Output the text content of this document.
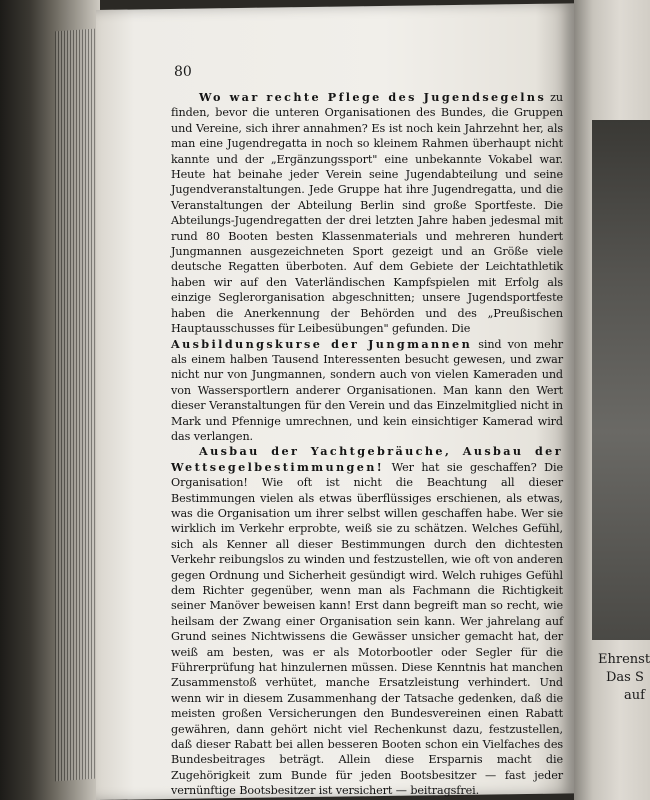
Ehrenst
Das S
auf
80

Wo war rechte Pflege des Jugendsegelns zu finden, bevor die unteren Organisationen des Bundes, die Gruppen und Vereine, sich ihrer annahmen? Es ist noch kein Jahrzehnt her, als man eine Jugendregatta in noch so kleinem Rahmen überhaupt nicht kannte und der „Ergänzungssport" eine unbekannte Vokabel war. Heute hat beinahe jeder Verein seine Jugendabteilung und seine Jugendveranstaltungen. Jede Gruppe hat ihre Jugendregatta, und die Veranstaltungen der Abteilung Berlin sind große Sportfeste. Die Abteilungs-Jugendregatten der drei letzten Jahre haben jedesmal mit rund 80 Booten besten Klassenmaterials und mehreren hundert Jungmannen ausgezeichneten Sport gezeigt und an Größe viele deutsche Regatten überboten. Auf dem Gebiete der Leichtathletik haben wir auf den Vaterländischen Kampfspielen mit Erfolg als einzige Seglerorganisation abgeschnitten; unsere Jugendsportfeste haben die Anerkennung der Behörden und des „Preußischen Hauptausschusses für Leibesübungen" gefunden. Die

Ausbildungskurse der Jungmannen sind von mehr als einem halben Tausend Interessenten besucht gewesen, und zwar nicht nur von Jungmannen, sondern auch von vielen Kameraden und von Wassersportlern anderer Organisationen. Man kann den Wert dieser Veranstaltungen für den Verein und das Einzelmitglied nicht in Mark und Pfennige umrechnen, und kein einsichtiger Kamerad wird das verlangen.

Ausbau der Yachtgebräuche, Ausbau der Wettsegelbestimmungen! Wer hat sie geschaffen? Die Organisation! Wie oft ist nicht die Beachtung all dieser Bestimmungen vielen als etwas überflüssiges erschienen, als etwas, was die Organisation um ihrer selbst willen geschaffen habe. Wer sie wirklich im Verkehr erprobte, weiß sie zu schätzen. Welches Gefühl, sich als Kenner all dieser Bestimmungen durch den dichtesten Verkehr reibungslos zu winden und festzustellen, wie oft von anderen gegen Ordnung und Sicherheit gesündigt wird. Welch ruhiges Gefühl dem Richter gegenüber, wenn man als Fachmann die Richtigkeit seiner Manöver beweisen kann! Erst dann begreift man so recht, wie heilsam der Zwang einer Organisation sein kann. Wer jahrelang auf Grund seines Nichtwissens die Gewässer unsicher gemacht hat, der weiß am besten, was er als Motorbootler oder Segler für die Führerprüfung hat hinzulernen müssen. Diese Kenntnis hat manchen Zusammenstoß verhütet, manche Ersatzleistung verhindert. Und wenn wir in diesem Zusammenhang der Tatsache gedenken, daß die meisten großen Versicherungen den Bundesvereinen einen Rabatt gewähren, dann gehört nicht viel Rechenkunst dazu, festzustellen, daß dieser Rabatt bei allen besseren Booten schon ein Vielfaches des Bundesbeitrages beträgt. Allein diese Ersparnis macht die Zugehörigkeit zum Bunde für jeden Bootsbesitzer — fast jeder vernünftige Bootsbesitzer ist versichert — beitragsfrei.
